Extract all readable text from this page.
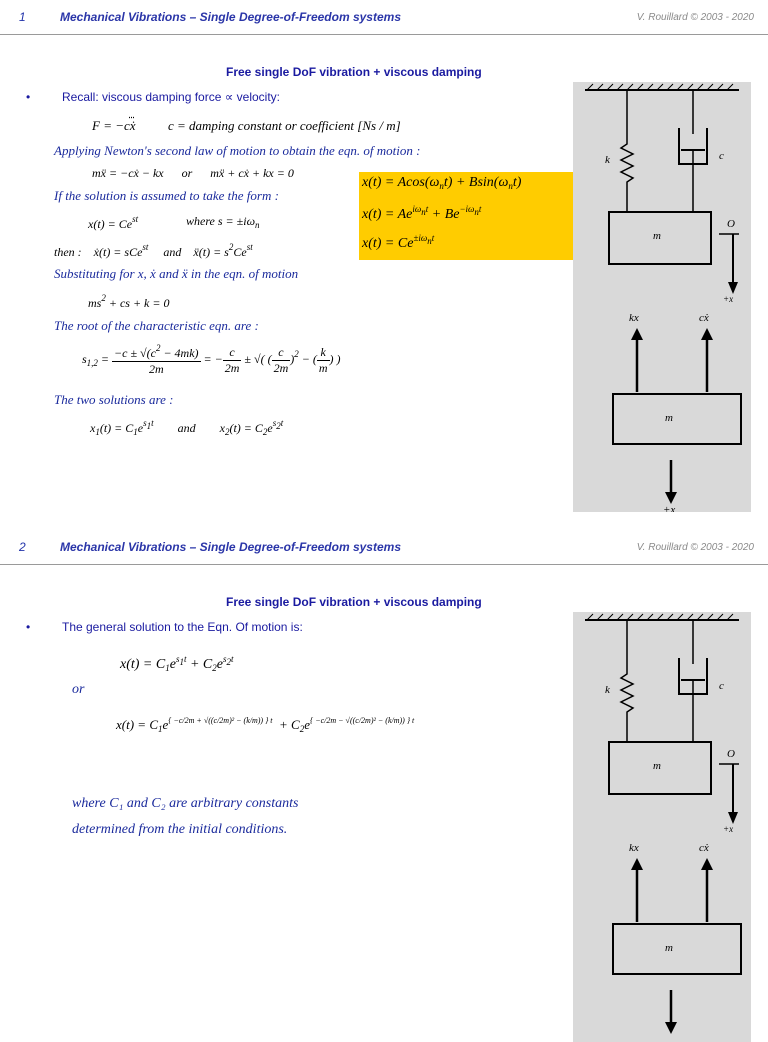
1	Mechanical Vibrations – Single Degree-of-Freedom systems	V. Rouillard © 2003 - 2020
Free single DoF vibration + viscous damping
•	Recall: viscous damping force ∝ velocity:
F = −cx c = damping constant or coefficient [Ns / m]
Applying Newton's second law of motion to obtain the eqn. of motion :
mẍ = −cẋ − kx      or      mẍ + cẋ + kx = 0
If the solution is assumed to take the form :
$x(t) = Ce^{st}$	where $s = \pm i\omega_n$
then :    ẋ(t) = sCe$^{st}$ and    ẍ(t) = $s^2Ce^{st}$
Substituting for x, ẋ and ẍ in the eqn. of motion
$ms^2$ + cs + k = 0
The root of the characteristic eqn. are :
$s_{1,2} = \frac{-c \pm √(c^2 - 4mk)}{2m}$ = − $\frac{c}{2m}$ ± √( ( $\frac{c}{2m} )^2$ − ( $\frac{k}{m}$ ) )
The two solutions are :
$x_1(t) = C_1e^{s_1t}$ and        $x_2(t) = C_2e^{s_2t}$
$x(t) = Acos(\omega_nt) + Bsin(\omega_nt)$
$x(t) = Ae^{i\omega_nt} + Be^{-i\omega_nt}$
$x(t) = Ce^{\pm i\omega_nt}$
k	c
m
O
+x
kx	cẋ
m
+x
2	Mechanical Vibrations – Single Degree-of-Freedom systems	V. Rouillard © 2003 - 2020
Free single DoF vibration + viscous damping
•	The general solution to the Eqn. Of motion is:
$x(t) = C_1e^{s_1t} + C_2e^{s_2t}$
or
$x(t) = C_1e^{\{ -c/2m + √((c/2m)^2 - (k/m)) \} t} + C_2e^{\{ -c/2m - √((c/2m)^2 - (k/m)) \} t}$
where C₁ and C₂ are arbitrary constants
determined from the initial conditions.
k	c
m
O
+x
kx	cẋ
m
